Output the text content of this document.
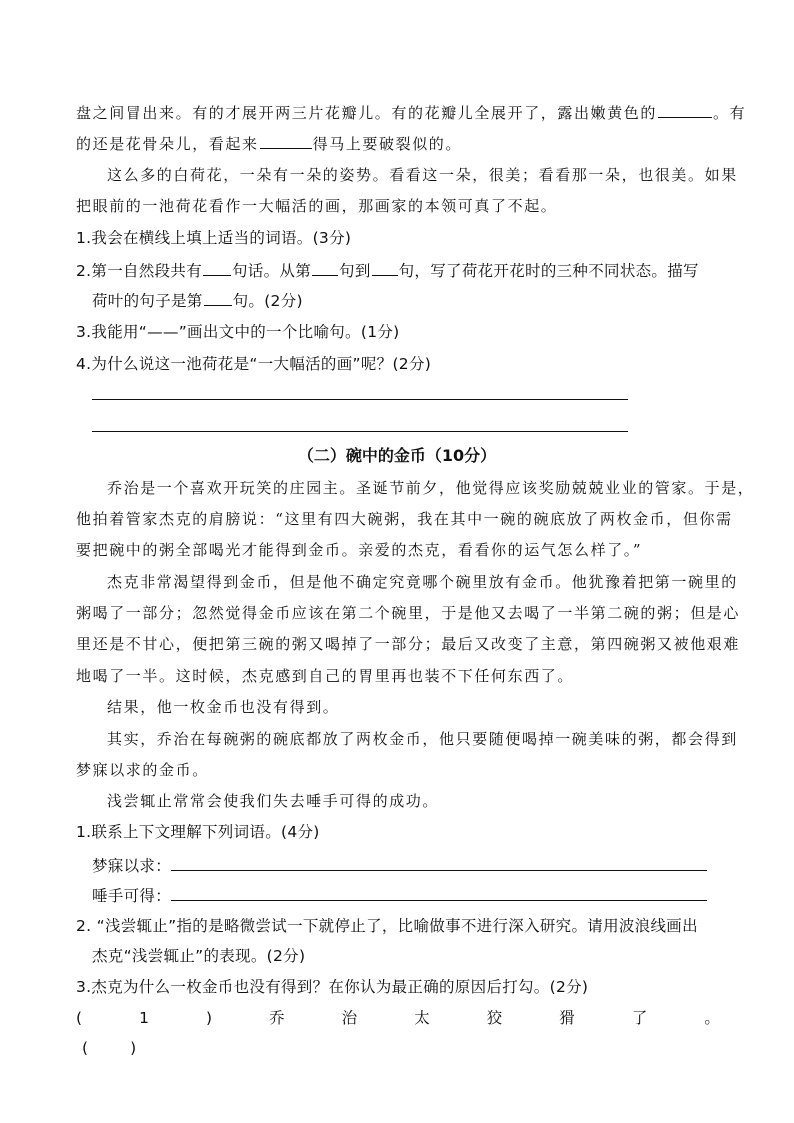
盘之间冒出来。有的才展开两三片花瓣儿。有的花瓣儿全展开了，露出嫩黄色的	。有
的还是花骨朵儿，看起来	得马上要破裂似的。
这么多的白荷花，一朵有一朵的姿势。看看这一朵，很美；看看那一朵，也很美。如果
把眼前的一池荷花看作一大幅活的画，那画家的本领可真了不起。
1.我会在横线上填上适当的词语。(3分)
2.第一自然段共有 句话。从第 句到 句，写了荷花开花时的三种不同状态。描写
荷叶的句子是第 句。(2分)
3.我能用“——”画出文中的一个比喻句。(1分)
4.为什么说这一池荷花是“一大幅活的画”呢？(2分)
（二）碗中的金币（10分）
乔治是一个喜欢开玩笑的庄园主。圣诞节前夕，他觉得应该奖励兢兢业业的管家。于是，
他拍着管家杰克的肩膀说：“这里有四大碗粥，我在其中一碗的碗底放了两枚金币，但你需
要把碗中的粥全部喝光才能得到金币。亲爱的杰克，看看你的运气怎么样了。”
杰克非常渴望得到金币，但是他不确定究竟哪个碗里放有金币。他犹豫着把第一碗里的
粥喝了一部分；忽然觉得金币应该在第二个碗里，于是他又去喝了一半第二碗的粥；但是心
里还是不甘心，便把第三碗的粥又喝掉了一部分；最后又改变了主意，第四碗粥又被他艰难
地喝了一半。这时候，杰克感到自己的胃里再也装不下任何东西了。
结果，他一枚金币也没有得到。
其实，乔治在每碗粥的碗底都放了两枚金币，他只要随便喝掉一碗美味的粥，都会得到
梦寐以求的金币。
浅尝辄止常常会使我们失去唾手可得的成功。
1.联系上下文理解下列词语。(4分)
梦寐以求：
唾手可得：
2. “浅尝辄止”指的是略微尝试一下就停止了，比喻做事不进行深入研究。请用波浪线画出
杰克“浅尝辄止”的表现。(2分)
3.杰克为什么一枚金币也没有得到？在你认为最正确的原因后打勾。(2分)
(	1	)	乔	治	太	狡	猾	了	。
(        )
